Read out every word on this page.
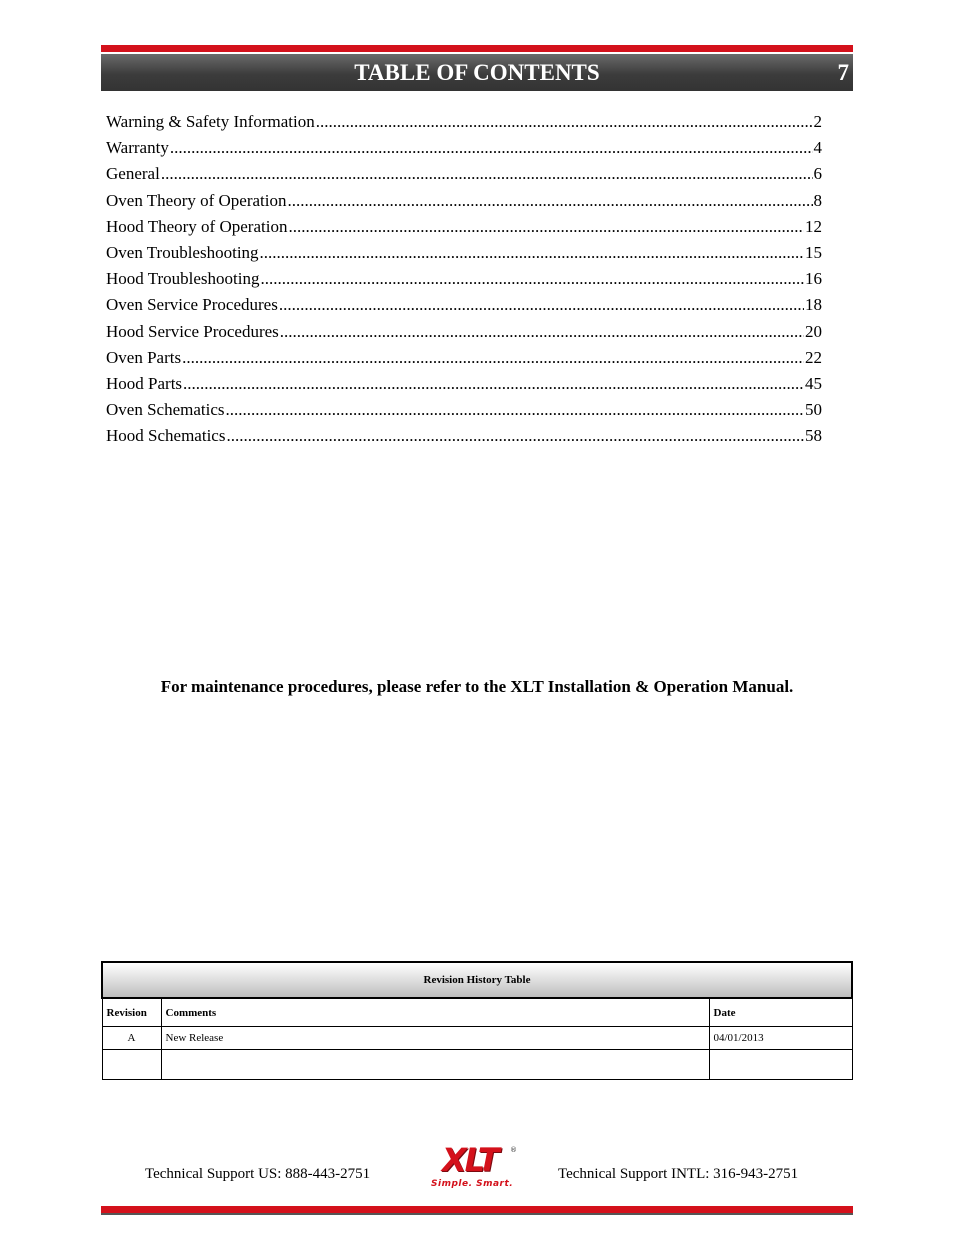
TABLE OF CONTENTS	7
Warning & Safety Information .....	2
Warranty .....	4
General .....	6
Oven Theory of Operation .....	8
Hood Theory of Operation .....	12
Oven Troubleshooting .....	15
Hood Troubleshooting .....	16
Oven Service Procedures .....	18
Hood Service Procedures .....	20
Oven Parts .....	22
Hood Parts .....	45
Oven Schematics .....	50
Hood Schematics .....	58
For maintenance procedures, please refer to the XLT Installation & Operation Manual.
Revision History Table		
Revision	Comments	Date
A	New Release	04/01/2013

Technical Support US: 888-443-2751 XLT ®
Simple. Smart.
Technical Support INTL: 316-943-2751
